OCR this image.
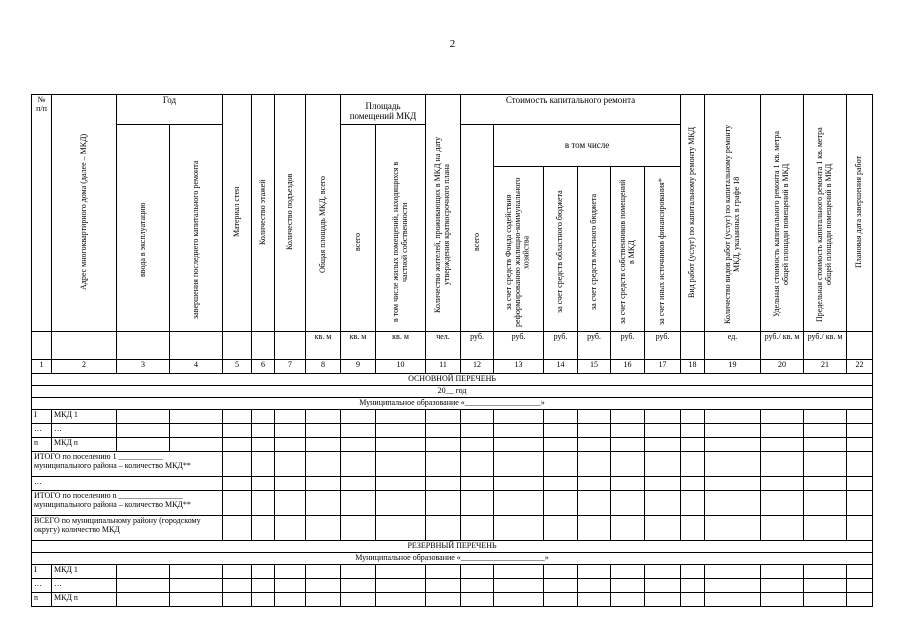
2
№ п/п	Адрес многоквартирного дома (далее – МКД)	Год		Материал стен	Количество этажей	Количество подъездов	Общая площадь МКД, всего	Площадь помещений МКД		Количество жителей, проживающих в МКД на дату утверждения краткосрочного плана	Стоимость капитального ремонта						Вид работ (услуг) по капитальному ремонту МКД	Количество видов работ (услуг) по капитальному ремонту МКД, указанных в графе 18	Удельная стоимость капитального ремонта 1 кв. метра общей площади помещений в МКД	Предельная стоимость капитального ремонта 1 кв. метра общей площади помещений в МКД	Плановая дата завершения работ
		ввода в эксплуатацию	завершения последнего капитального ремонта					всего	в том числе жилых помещений, находящихся в частной собственности		всего	в том числе									
												за счет средств Фонда содействия реформированию жилищно-коммунального хозяйства	за счет средств областного бюджета	за счет средств местного бюджета	за счет средств собственников помещений в МКД	за счет иных источников финансирования*					
							кв. м	кв. м	кв. м	чел.	руб.	руб.	руб.	руб.	руб.	руб.		ед.	руб./ кв. м	руб./ кв. м	
1	2	3	4	5	6	7	8	9	10	11	12	13	14	15	16	17	18	19	20	21	22
ОСНОВНОЙ ПЕРЕЧЕНЬ																					
20__ год																					
Муниципальное образование «___________________»																					
I	МКД 1																				
…	…																				
n	МКД n																				
ИТОГО по поселению 1 ___________ муниципального района – количество МКД**																					
…																					
ИТОГО по поселению n ________________ муниципального района – количество МКД**																					
ВСЕГО по муниципальному району (городскому округу) количество МКД																					
РЕЗЕРВНЫЙ ПЕРЕЧЕНЬ																					
Муниципальное образование «_____________________»																					
I	МКД 1																				
…	…																				
n	МКД n																				
